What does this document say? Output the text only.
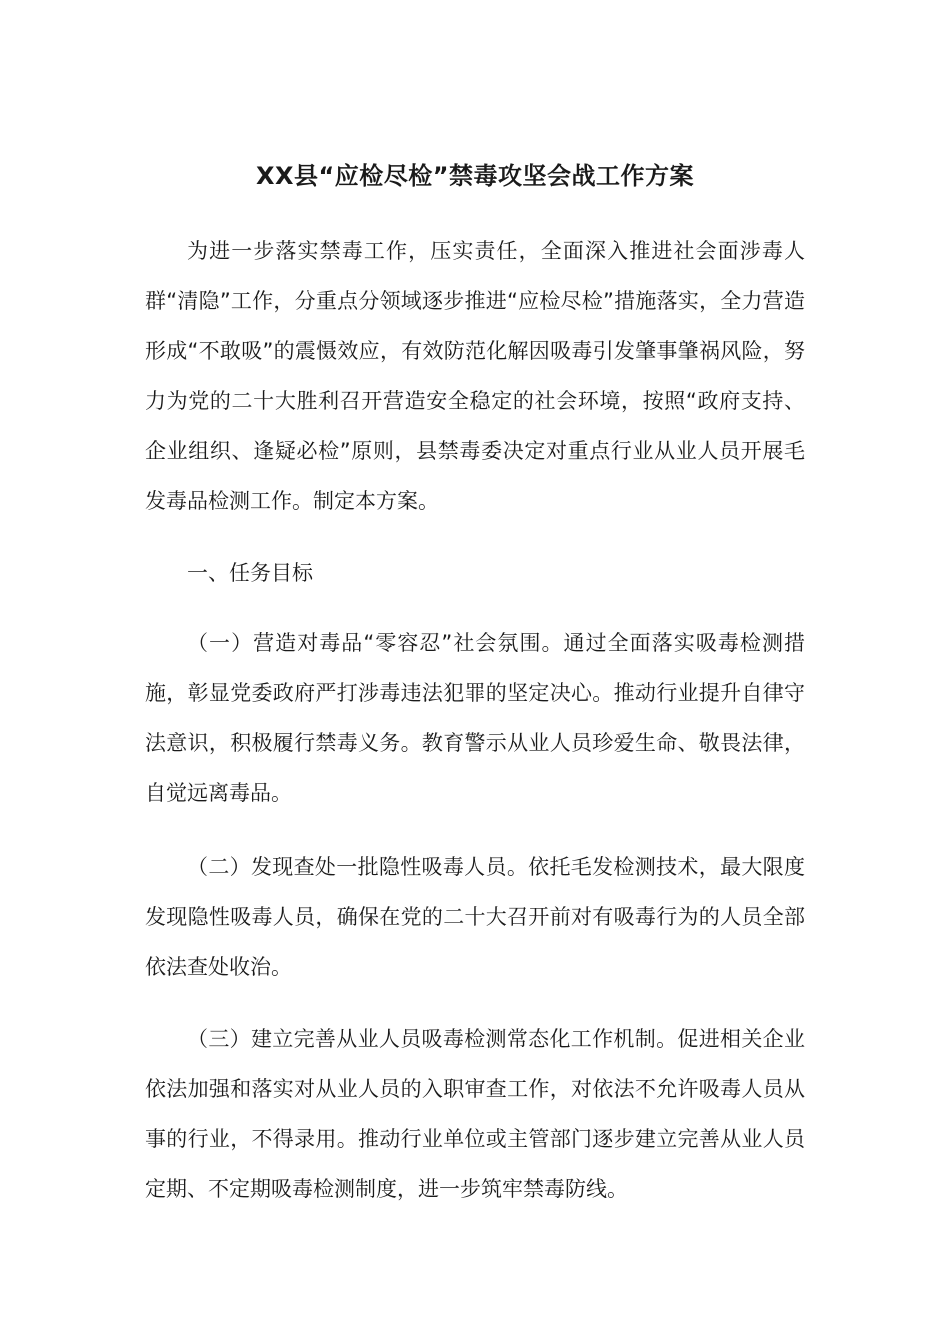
XX县“应检尽检”禁毒攻坚会战工作方案

为进一步落实禁毒工作，压实责任，全面深入推进社会面涉毒人群“清隐”工作，分重点分领域逐步推进“应检尽检”措施落实，全力营造形成“不敢吸”的震慑效应，有效防范化解因吸毒引发肇事肇祸风险，努力为党的二十大胜利召开营造安全稳定的社会环境，按照“政府支持、企业组织、逢疑必检”原则，县禁毒委决定对重点行业从业人员开展毛发毒品检测工作。制定本方案。

一、任务目标

（一）营造对毒品“零容忍”社会氛围。通过全面落实吸毒检测措施，彰显党委政府严打涉毒违法犯罪的坚定决心。推动行业提升自律守法意识，积极履行禁毒义务。教育警示从业人员珍爱生命、敬畏法律，自觉远离毒品。

（二）发现查处一批隐性吸毒人员。依托毛发检测技术，最大限度发现隐性吸毒人员，确保在党的二十大召开前对有吸毒行为的人员全部依法查处收治。

（三）建立完善从业人员吸毒检测常态化工作机制。促进相关企业依法加强和落实对从业人员的入职审查工作，对依法不允许吸毒人员从事的行业，不得录用。推动行业单位或主管部门逐步建立完善从业人员定期、不定期吸毒检测制度，进一步筑牢禁毒防线。
